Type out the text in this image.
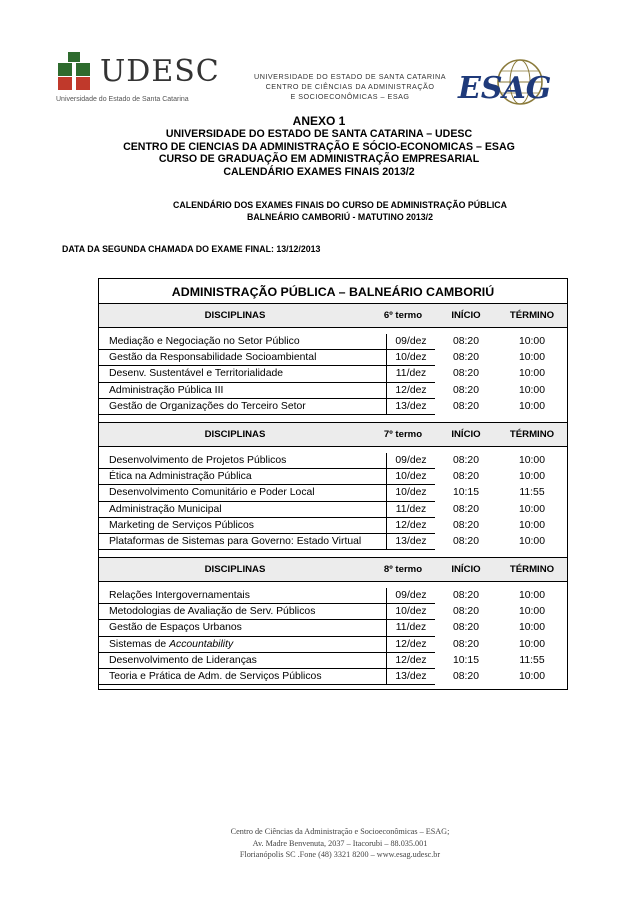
UDESC
Universidade do Estado de Santa Catarina
UNIVERSIDADE DO ESTADO DE SANTA CATARINA
CENTRO DE CIÊNCIAS DA ADMINISTRAÇÃO
E SOCIOECONÔMICAS – ESAG	ESAG
ANEXO 1
UNIVERSIDADE DO ESTADO DE SANTA CATARINA – UDESC
CENTRO DE CIENCIAS DA ADMINISTRAÇÃO E SÓCIO-ECONOMICAS – ESAG
CURSO DE GRADUAÇÃO EM ADMINISTRAÇÃO EMPRESARIAL
CALENDÁRIO EXAMES FINAIS 2013/2
CALENDÁRIO DOS EXAMES FINAIS DO CURSO DE ADMINISTRAÇÃO PÚBLICA
BALNEÁRIO CAMBORIÚ - MATUTINO 2013/2
DATA DA SEGUNDA CHAMADA DO EXAME FINAL: 13/12/2013
ADMINISTRAÇÃO PÚBLICA – BALNEÁRIO CAMBORIÚ
DISCIPLINAS	6º termo	INÍCIO	TÉRMINO
Mediação e Negociação no Setor Público	09/dez	08:20	10:00
Gestão da Responsabilidade Socioambiental	10/dez	08:20	10:00
Desenv. Sustentável e Territorialidade	11/dez	08:20	10:00
Administração Pública III	12/dez	08:20	10:00
Gestão de Organizações do Terceiro Setor	13/dez	08:20	10:00
DISCIPLINAS	7º termo	INÍCIO	TÉRMINO
Desenvolvimento de Projetos Públicos	09/dez	08:20	10:00
Ética na Administração Pública	10/dez	08:20	10:00
Desenvolvimento Comunitário e Poder Local	10/dez	10:15	11:55
Administração Municipal	11/dez	08:20	10:00
Marketing de Serviços Públicos	12/dez	08:20	10:00
Plataformas de Sistemas para Governo: Estado Virtual	13/dez	08:20	10:00
DISCIPLINAS	8º termo	INÍCIO	TÉRMINO
Relações Intergovernamentais	09/dez	08:20	10:00
Metodologias de Avaliação de Serv. Públicos	10/dez	08:20	10:00
Gestão de Espaços Urbanos	11/dez	08:20	10:00
Sistemas de Accountability	12/dez	08:20	10:00
Desenvolvimento de Lideranças	12/dez	10:15	11:55
Teoria e Prática de Adm. de Serviços Públicos	13/dez	08:20	10:00
Centro de Ciências da Administração e Socioeconômicas – ESAG;
Av. Madre Benvenuta, 2037 – Itacorubi – 88.035.001
Florianópolis SC .Fone (48) 3321 8200 – www.esag.udesc.br
